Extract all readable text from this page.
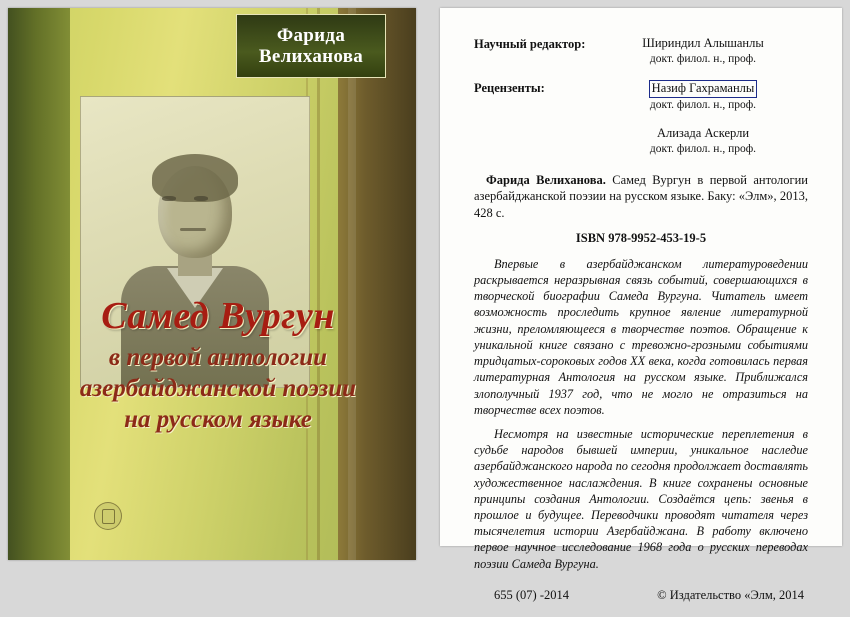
Фарида
Велиханова
Самед Вургун
в первой антологии
азербайджанской поэзии
на русском языке
Научный редактор:	Шириндил Алышанлы
докт. филол. н., проф.
Рецензенты:	Назиф Гахраманлы
докт. филол. н., проф.
Ализада Аскерли
докт. филол. н., проф.
Фарида Велиханова. Самед Вургун в первой антологии азербайджанской поэзии на русском языке. Баку: «Элм», 2013, 428 с.
ISBN 978-9952-453-19-5
Впервые в азербайджанском литературоведении раскрывается неразрывная связь событий, совершающихся в творческой биографии Самеда Вургуна. Читатель имеет возможность проследить крупное явление литературной жизни, преломляющееся в творчестве поэтов. Обращение к уникальной книге связано с тревожно-грозными событиями тридцатых-сороковых годов XX века, когда готовилась первая литературная Антология на русском языке. Приближался злополучный 1937 год, что не могло не отразиться на творчестве всех поэтов.
Несмотря на известные исторические переплетения в судьбе народов бывшей империи, уникальное наследие азербайджанского народа по сегодня продолжает доставлять художественное наслаждения. В книге сохранены основные принципы создания Антологии. Создаётся цепь: звенья в прошлое и будущее. Переводчики проводят читателя через тысячелетия истории Азербайджана. В работу включено первое научное исследование 1968 года о русских переводах поэзии Самеда Вургуна.
655 (07) -2014	© Издательство «Элм, 2014
